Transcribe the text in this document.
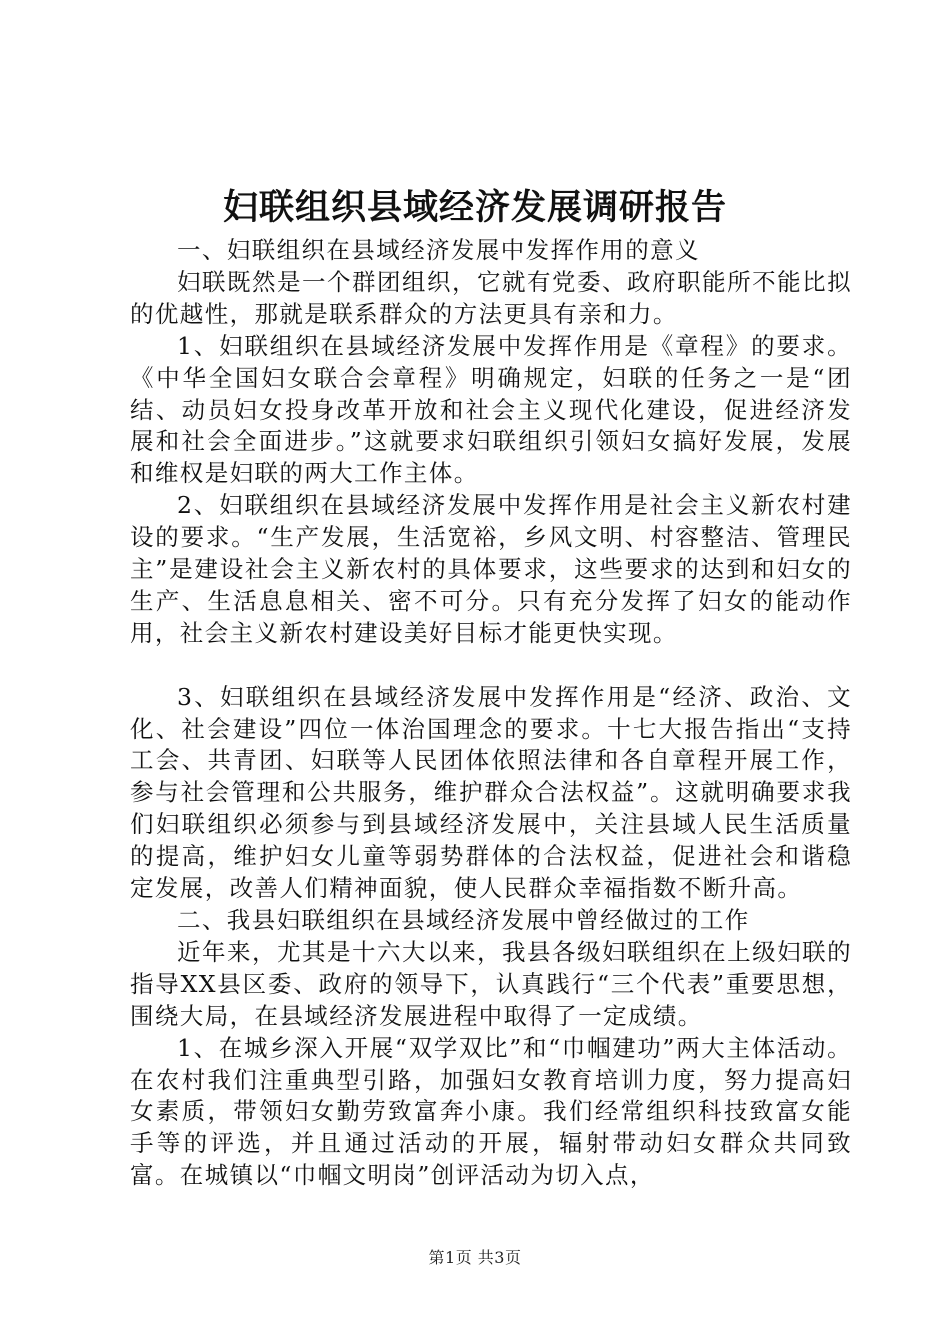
妇联组织县域经济发展调研报告

一、妇联组织在县域经济发展中发挥作用的意义

妇联既然是一个群团组织，它就有党委、政府职能所不能比拟的优越性，那就是联系群众的方法更具有亲和力。

1、妇联组织在县域经济发展中发挥作用是《章程》的要求。《中华全国妇女联合会章程》明确规定，妇联的任务之一是“团结、动员妇女投身改革开放和社会主义现代化建设，促进经济发展和社会全面进步。”这就要求妇联组织引领妇女搞好发展，发展和维权是妇联的两大工作主体。

2、妇联组织在县域经济发展中发挥作用是社会主义新农村建设的要求。“生产发展，生活宽裕，乡风文明、村容整洁、管理民主”是建设社会主义新农村的具体要求，这些要求的达到和妇女的生产、生活息息相关、密不可分。只有充分发挥了妇女的能动作用，社会主义新农村建设美好目标才能更快实现。

3、妇联组织在县域经济发展中发挥作用是“经济、政治、文化、社会建设”四位一体治国理念的要求。十七大报告指出“支持工会、共青团、妇联等人民团体依照法律和各自章程开展工作，参与社会管理和公共服务，维护群众合法权益”。这就明确要求我们妇联组织必须参与到县域经济发展中，关注县域人民生活质量的提高，维护妇女儿童等弱势群体的合法权益，促进社会和谐稳定发展，改善人们精神面貌，使人民群众幸福指数不断升高。

二、我县妇联组织在县域经济发展中曾经做过的工作

近年来，尤其是十六大以来，我县各级妇联组织在上级妇联的指导XX县区委、政府的领导下，认真践行“三个代表”重要思想，围绕大局，在县域经济发展进程中取得了一定成绩。

1、在城乡深入开展“双学双比”和“巾帼建功”两大主体活动。在农村我们注重典型引路，加强妇女教育培训力度，努力提高妇女素质，带领妇女勤劳致富奔小康。我们经常组织科技致富女能手等的评选，并且通过活动的开展，辐射带动妇女群众共同致富。在城镇以“巾帼文明岗”创评活动为切入点，

第1页 共3页
